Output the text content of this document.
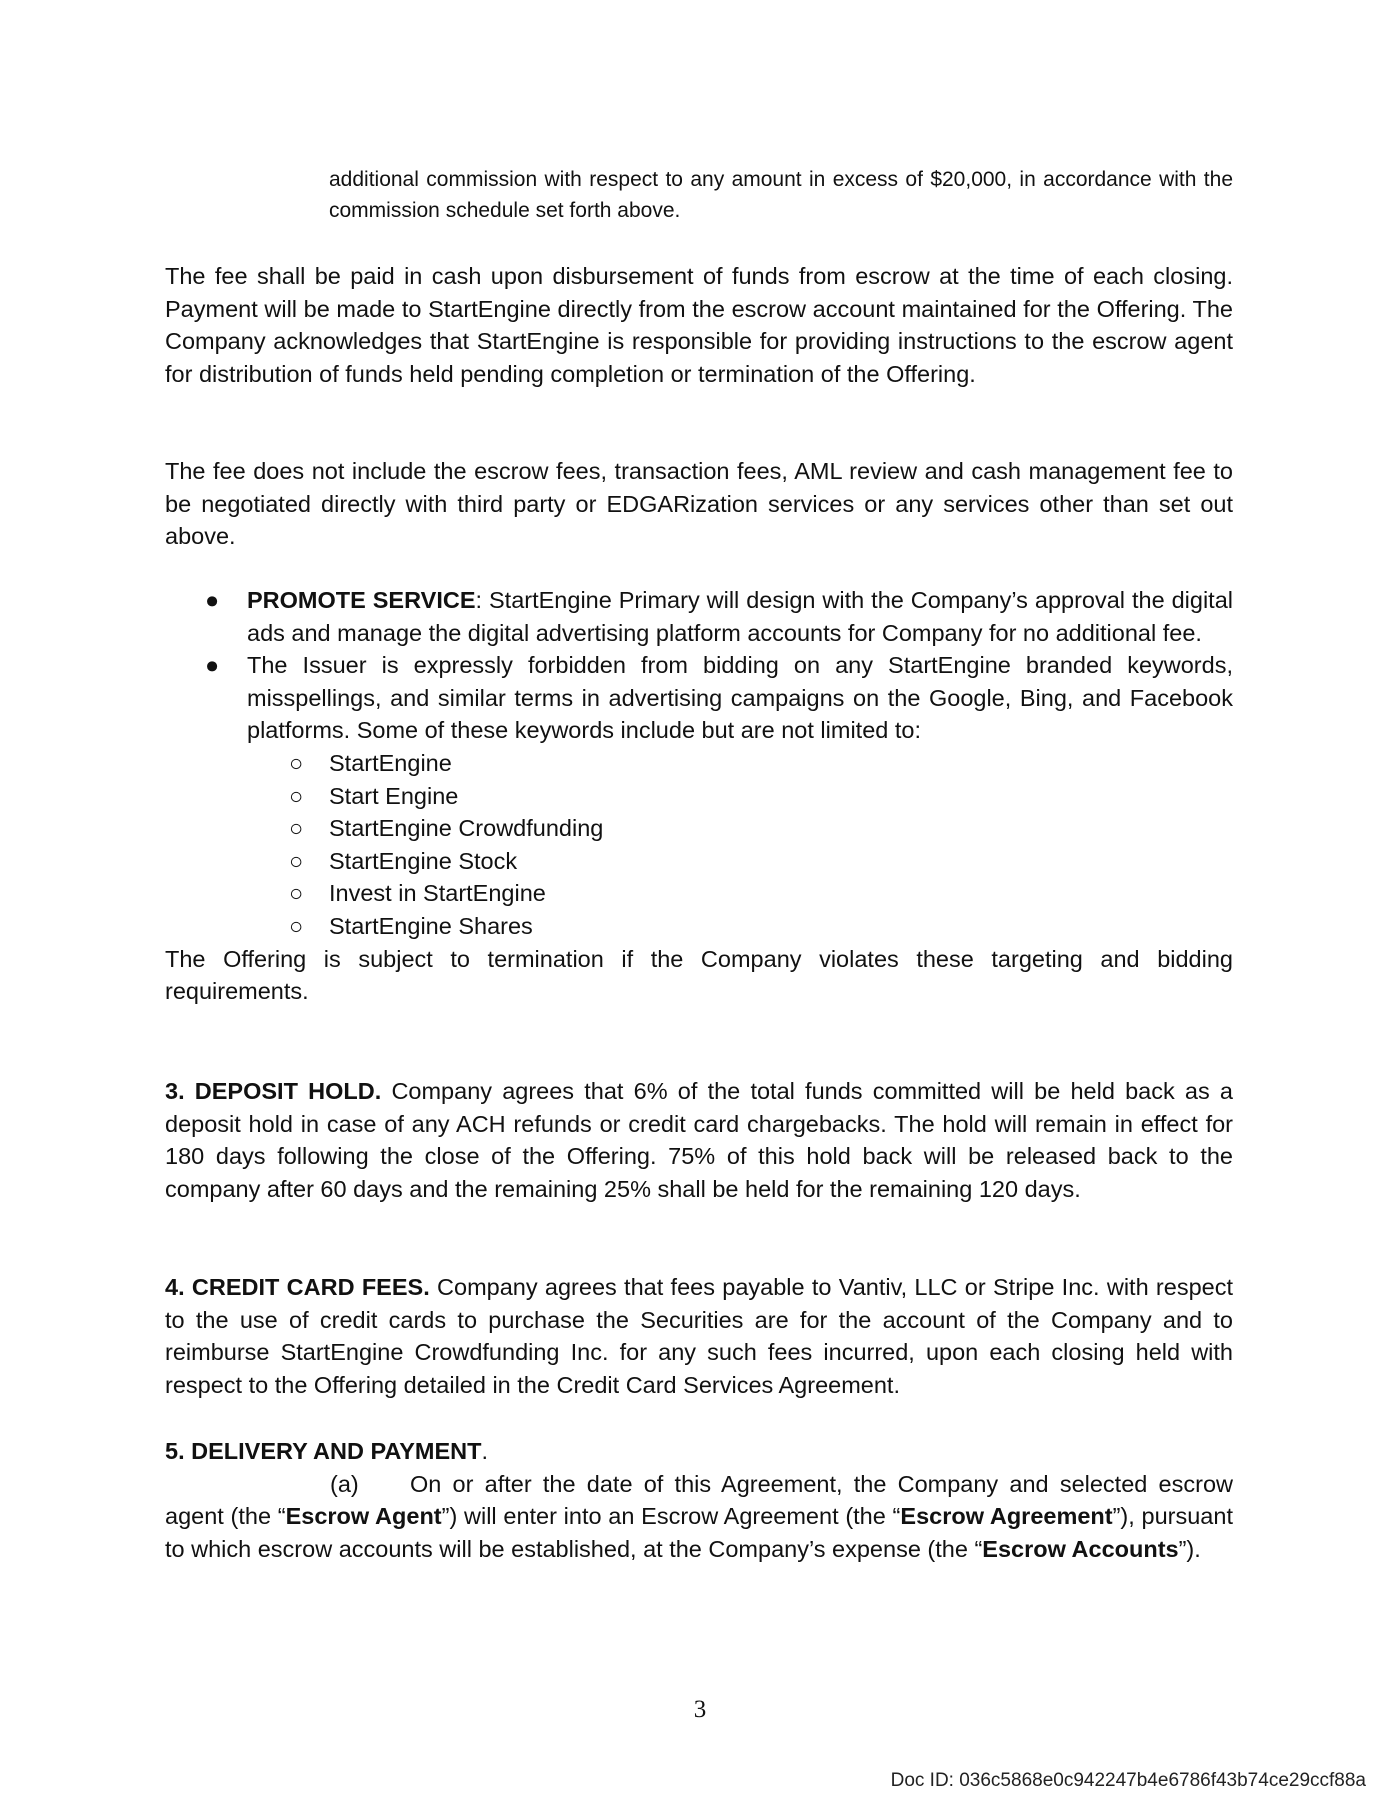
additional commission with respect to any amount in excess of $20,000, in accordance with the commission schedule set forth above.
The fee shall be paid in cash upon disbursement of funds from escrow at the time of each closing. Payment will be made to StartEngine directly from the escrow account maintained for the Offering. The Company acknowledges that StartEngine is responsible for providing instructions to the escrow agent for distribution of funds held pending completion or termination of the Offering.
The fee does not include the escrow fees, transaction fees, AML review and cash management fee to be negotiated directly with third party or EDGARization services or any services other than set out above.
●	PROMOTE SERVICE: StartEngine Primary will design with the Company’s approval the digital ads and manage the digital advertising platform accounts for Company for no additional fee.
●	The Issuer is expressly forbidden from bidding on any StartEngine branded keywords, misspellings, and similar terms in advertising campaigns on the Google, Bing, and Facebook platforms. Some of these keywords include but are not limited to:
○	StartEngine
○	Start Engine
○	StartEngine Crowdfunding
○	StartEngine Stock
○	Invest in StartEngine
○	StartEngine Shares
The Offering is subject to termination if the Company violates these targeting and bidding requirements.
3. DEPOSIT HOLD. Company agrees that 6% of the total funds committed will be held back as a deposit hold in case of any ACH refunds or credit card chargebacks. The hold will remain in effect for 180 days following the close of the Offering. 75% of this hold back will be released back to the company after 60 days and the remaining 25% shall be held for the remaining 120 days.
4. CREDIT CARD FEES. Company agrees that fees payable to Vantiv, LLC or Stripe Inc. with respect to the use of credit cards to purchase the Securities are for the account of the Company and to reimburse StartEngine Crowdfunding Inc. for any such fees incurred, upon each closing held with respect to the Offering detailed in the Credit Card Services Agreement.
5. DELIVERY AND PAYMENT.
(a) On or after the date of this Agreement, the Company and selected escrow agent (the “Escrow Agent”) will enter into an Escrow Agreement (the “Escrow Agreement”), pursuant to which escrow accounts will be established, at the Company’s expense (the “Escrow Accounts”).
3
Doc ID: 036c5868e0c942247b4e6786f43b74ce29ccf88a
